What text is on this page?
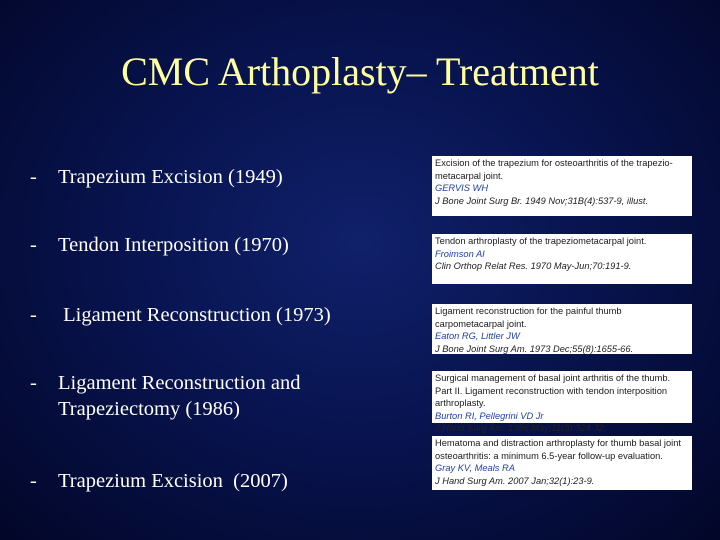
CMC Arthoplasty– Treatment
-	Trapezium Excision (1949)
-	Tendon Interposition (1970)
-	Ligament Reconstruction (1973)
-	Ligament Reconstruction and Trapeziectomy (1986)
-	Trapezium Excision  (2007)
Excision of the trapezium for osteoarthritis of the trapezio-metacarpal joint.
GERVIS WH
J Bone Joint Surg Br. 1949 Nov;31B(4):537-9, illust.
Tendon arthroplasty of the trapeziometacarpal joint.
Froimson AI
Clin Orthop Relat Res. 1970 May-Jun;70:191-9.
Ligament reconstruction for the painful thumb carpometacarpal joint.
Eaton RG, Littler JW
J Bone Joint Surg Am. 1973 Dec;55(8):1655-66.
Surgical management of basal joint arthritis of the thumb. Part II. Ligament reconstruction with tendon interposition arthroplasty.
Burton RI, Pellegrini VD Jr
J Hand Surg Am. 1986 May;11(3):324-32.
Hematoma and distraction arthroplasty for thumb basal joint osteoarthritis: a minimum 6.5-year follow-up evaluation.
Gray KV, Meals RA
J Hand Surg Am. 2007 Jan;32(1):23-9.
